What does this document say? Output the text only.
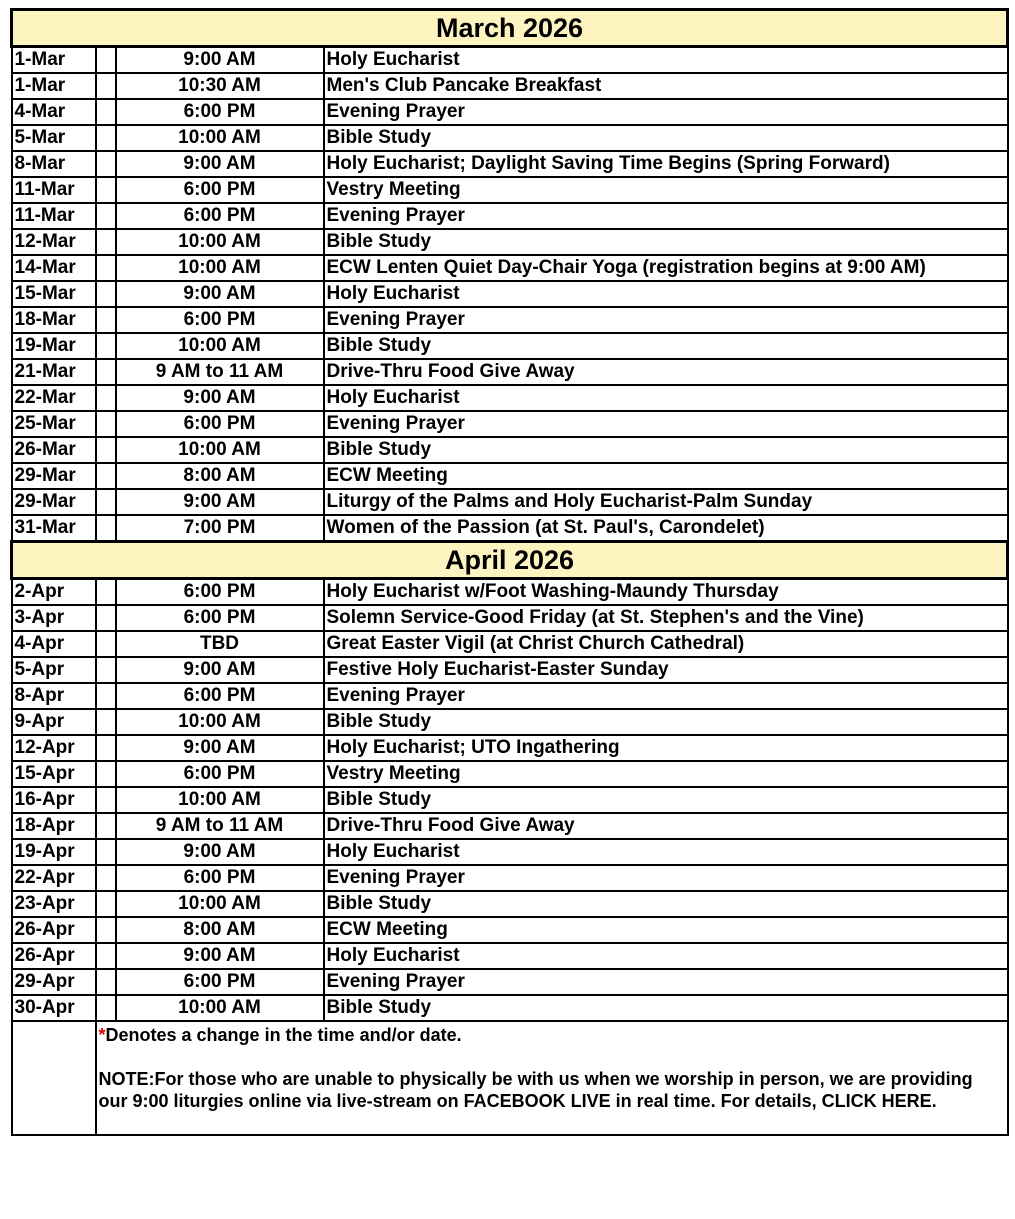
March 2026			
1-Mar		9:00 AM	Holy Eucharist
1-Mar		10:30 AM	Men's Club Pancake Breakfast
4-Mar		6:00 PM	Evening Prayer
5-Mar		10:00 AM	Bible Study
8-Mar		9:00 AM	Holy Eucharist; Daylight Saving Time Begins (Spring Forward)
11-Mar		6:00 PM	Vestry Meeting
11-Mar		6:00 PM	Evening Prayer
12-Mar		10:00 AM	Bible Study
14-Mar		10:00 AM	ECW Lenten Quiet Day-Chair Yoga (registration begins at 9:00 AM)
15-Mar		9:00 AM	Holy Eucharist
18-Mar		6:00 PM	Evening Prayer
19-Mar		10:00 AM	Bible Study
21-Mar		9 AM to 11 AM	Drive-Thru Food Give Away
22-Mar		9:00 AM	Holy Eucharist
25-Mar		6:00 PM	Evening Prayer
26-Mar		10:00 AM	Bible Study
29-Mar		8:00 AM	ECW Meeting
29-Mar		9:00 AM	Liturgy of the Palms and Holy Eucharist-Palm Sunday
31-Mar		7:00 PM	Women of the Passion (at St. Paul's, Carondelet)
April 2026			
2-Apr		6:00 PM	Holy Eucharist w/Foot Washing-Maundy Thursday
3-Apr		6:00 PM	Solemn Service-Good Friday (at St. Stephen's and the Vine)
4-Apr		TBD	Great Easter Vigil (at Christ Church Cathedral)
5-Apr		9:00 AM	Festive Holy Eucharist-Easter Sunday
8-Apr		6:00 PM	Evening Prayer
9-Apr		10:00 AM	Bible Study
12-Apr		9:00 AM	Holy Eucharist; UTO Ingathering
15-Apr		6:00 PM	Vestry Meeting
16-Apr		10:00 AM	Bible Study
18-Apr		9 AM to 11 AM	Drive-Thru Food Give Away
19-Apr		9:00 AM	Holy Eucharist
22-Apr		6:00 PM	Evening Prayer
23-Apr		10:00 AM	Bible Study
26-Apr		8:00 AM	ECW Meeting
26-Apr		9:00 AM	Holy Eucharist
29-Apr		6:00 PM	Evening Prayer
30-Apr		10:00 AM	Bible Study

	*Denotes a change in the time and/or date.
NOTE:For those who are unable to physically be with us when we worship in person, we are providing our 9:00 liturgies online via live-stream on FACEBOOK LIVE in real time. For details, CLICK HERE.		
